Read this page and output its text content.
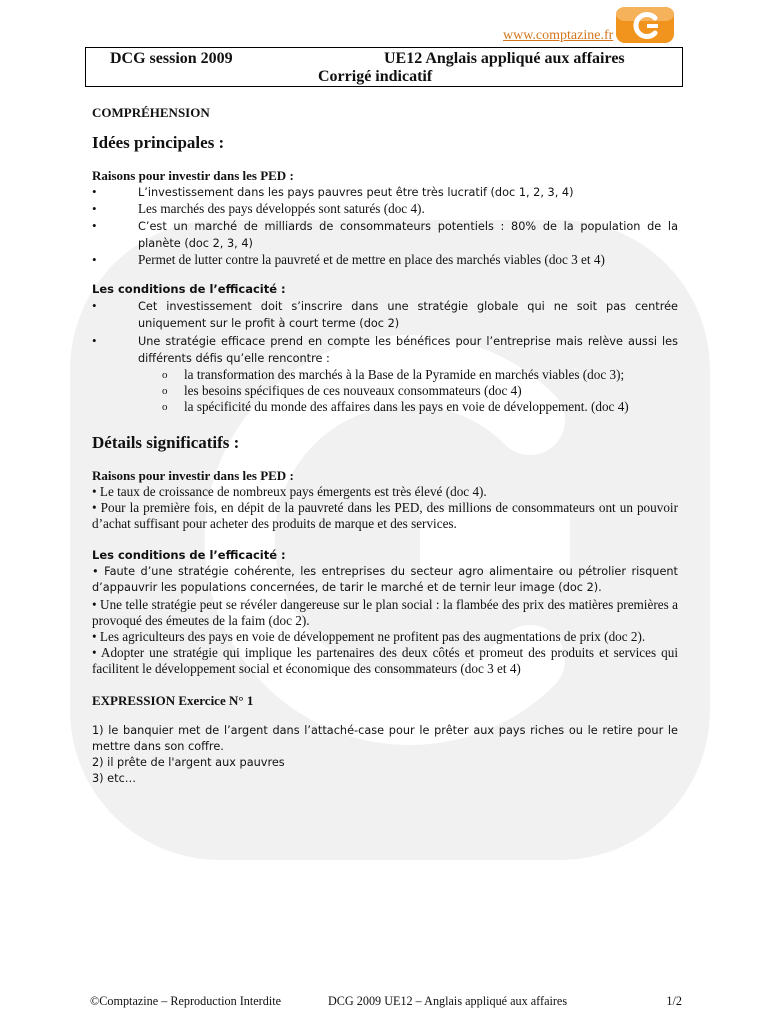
www.comptazine.fr
DCG session 2009	UE12 Anglais appliqué aux affaires
Corrigé indicatif
COMPRÉHENSION
Idées principales :
Raisons pour investir dans les PED :
• L’investissement dans les pays pauvres peut être très lucratif (doc 1, 2, 3, 4)
• Les marchés des pays développés sont saturés (doc 4).
• C’est un marché de milliards de consommateurs potentiels : 80% de la population de la planète (doc 2, 3, 4)
• Permet de lutter contre la pauvreté et de mettre en place des marchés viables (doc 3 et 4)
Les conditions de l’efficacité :
• Cet investissement doit s’inscrire dans une stratégie globale qui ne soit pas centrée uniquement sur le profit à court terme (doc 2)
• Une stratégie efficace prend en compte les bénéfices pour l’entreprise mais relève aussi les différents défis qu’elle rencontre :
o la transformation des marchés à la Base de la Pyramide en marchés viables (doc 3);
o les besoins spécifiques de ces nouveaux consommateurs (doc 4)
o la spécificité du monde des affaires dans les pays en voie de développement. (doc 4)
Détails significatifs :
Raisons pour investir dans les PED :

• Le taux de croissance de nombreux pays émergents est très élevé (doc 4).

• Pour la première fois, en dépit de la pauvreté dans les PED, des millions de consommateurs ont un pouvoir d’achat suffisant pour acheter des produits de marque et des services.

Les conditions de l’efficacité :

• Faute d’une stratégie cohérente, les entreprises du secteur agro alimentaire ou pétrolier risquent d’appauvrir les populations concernées, de tarir le marché et de ternir leur image (doc 2).

• Une telle stratégie peut se révéler dangereuse sur le plan social : la flambée des prix des matières premières a provoqué des émeutes de la faim (doc 2).

• Les agriculteurs des pays en voie de développement ne profitent pas des augmentations de prix (doc 2).

• Adopter une stratégie qui implique les partenaires des deux côtés et promeut des produits et services qui facilitent le développement social et économique des consommateurs (doc 3 et 4)

EXPRESSION Exercice N° 1

1) le banquier met de l’argent dans l’attaché-case pour le prêter aux pays riches ou le retire pour le mettre dans son coffre.

2) il prête de l'argent aux pauvres

3) etc…

©Comptazine – Reproduction Interdite	DCG 2009 UE12 – Anglais appliqué aux affaires	1/2
